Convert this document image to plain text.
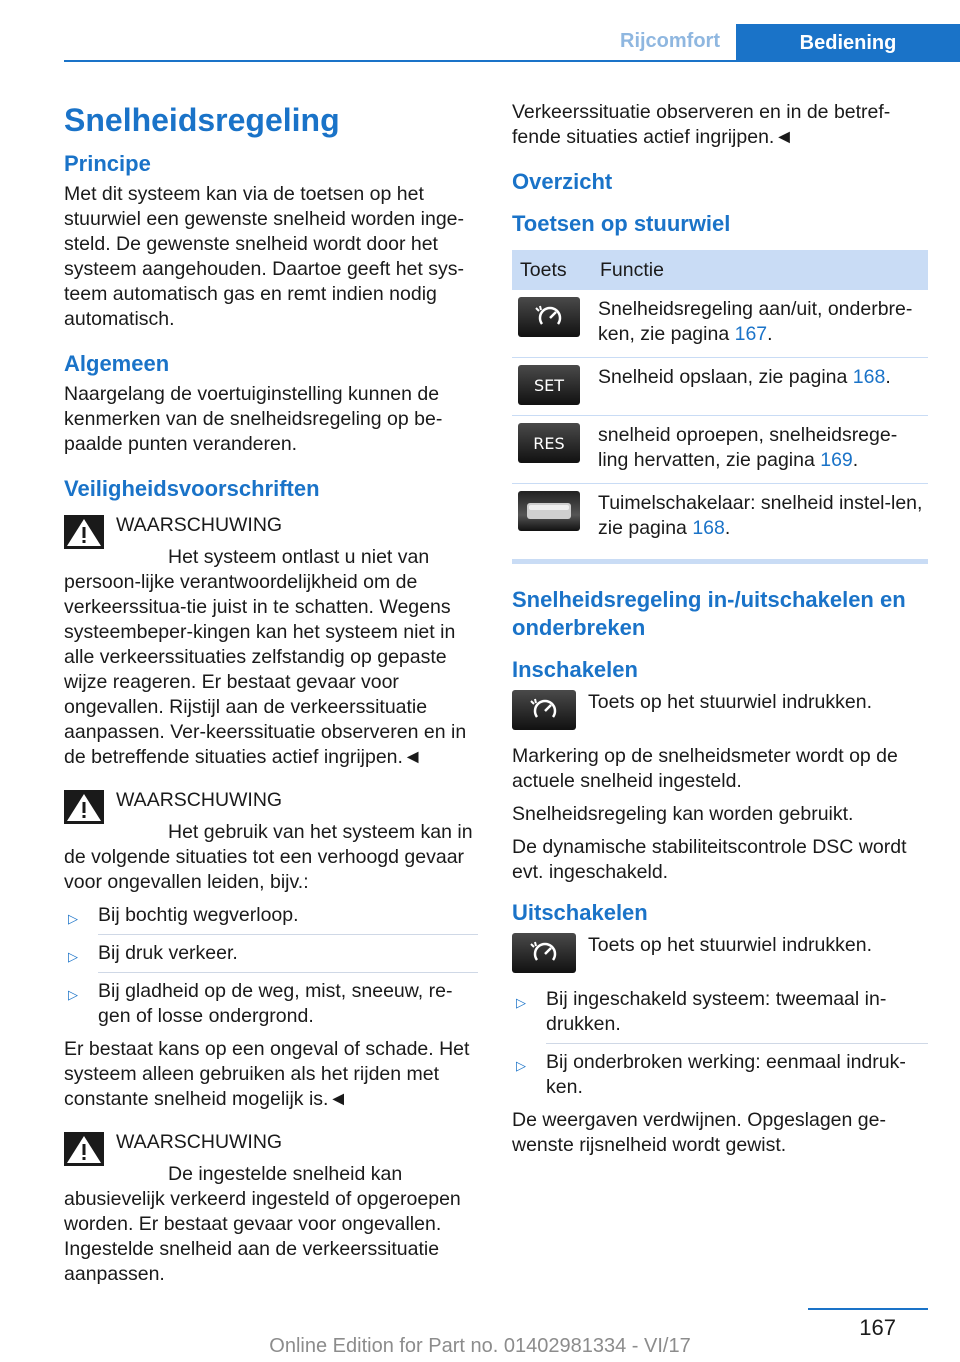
Rijcomfort	Bediening
Snelheidsregeling
Principe
Met dit systeem kan via de toetsen op het stuurwiel een gewenste snelheid worden inge-steld. De gewenste snelheid wordt door het systeem aangehouden. Daartoe geeft het sys-teem automatisch gas en remt indien nodig automatisch.
Algemeen
Naargelang de voertuiginstelling kunnen de kenmerken van de snelheidsregeling op be-paalde punten veranderen.
Veiligheidsvoorschriften
WAARSCHUWING
Het systeem ontlast u niet van persoon-lijke verantwoordelijkheid om de verkeerssitua-tie juist in te schatten. Wegens systeembeper-kingen kan het systeem niet in alle verkeerssituaties zelfstandig op gepaste wijze reageren. Er bestaat gevaar voor ongevallen. Rijstijl aan de verkeerssituatie aanpassen. Ver-keerssituatie observeren en in de betreffende situaties actief ingrijpen.◄
WAARSCHUWING
Het gebruik van het systeem kan in de volgende situaties tot een verhoogd gevaar voor ongevallen leiden, bijv.:
▷ Bij bochtig wegverloop.
▷ Bij druk verkeer.
▷ Bij gladheid op de weg, mist, sneeuw, re-gen of losse ondergrond.
Er bestaat kans op een ongeval of schade. Het systeem alleen gebruiken als het rijden met constante snelheid mogelijk is.◄
WAARSCHUWING
De ingestelde snelheid kan abusievelijk verkeerd ingesteld of opgeroepen worden. Er bestaat gevaar voor ongevallen. Ingestelde snelheid aan de verkeerssituatie aanpassen.
Verkeerssituatie observeren en in de betref-fende situaties actief ingrijpen.◄
Overzicht
Toetsen op stuurwiel
Toets	Functie

	Snelheidsregeling aan/uit, onderbre-ken, zie pagina 167.

SET	Snelheid opslaan, zie pagina 168.

RES	snelheid oproepen, snelheidsrege-ling hervatten, zie pagina 169.

	Tuimelschakelaar: snelheid instel-len, zie pagina 168.
Snelheidsregeling in-/uitschakelen en onderbreken
Inschakelen
Toets op het stuurwiel indrukken.
Markering op de snelheidsmeter wordt op de actuele snelheid ingesteld.
Snelheidsregeling kan worden gebruikt.
De dynamische stabiliteitscontrole DSC wordt evt. ingeschakeld.
Uitschakelen
Toets op het stuurwiel indrukken.
▷ Bij ingeschakeld systeem: tweemaal in-drukken.
▷ Bij onderbroken werking: eenmaal indruk-ken.
De weergaven verdwijnen. Opgeslagen ge-wenste rijsnelheid wordt gewist.
167
Online Edition for Part no. 01402981334 - VI/17
